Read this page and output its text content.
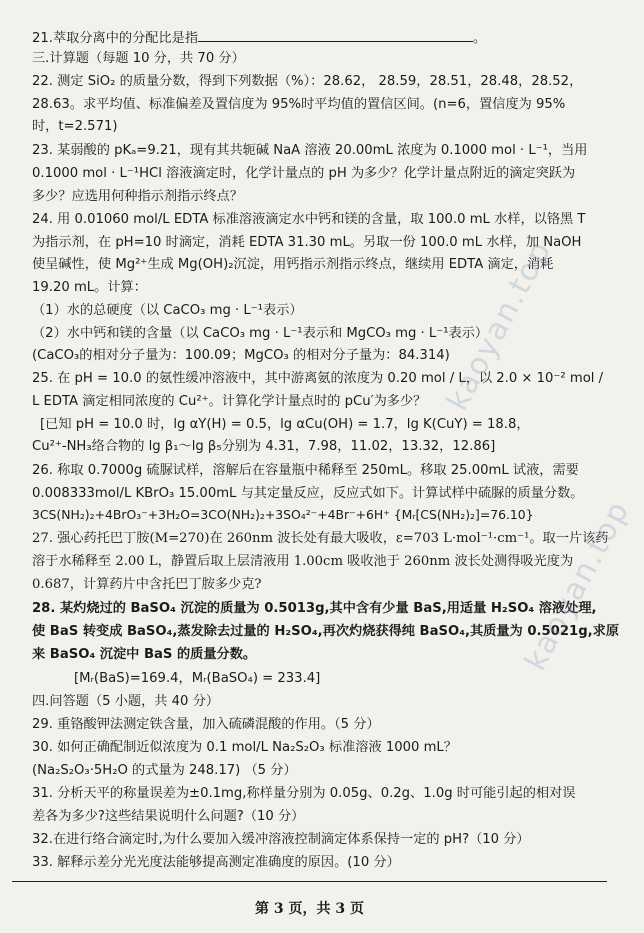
21.萃取分离中的分配比是指	。
三.计算题（每题 10 分，共 70 分）
22. 测定 SiO₂ 的质量分数，得到下列数据（%）：28.62， 28.59，28.51，28.48，28.52，
28.63。求平均值、标准偏差及置信度为 95%时平均值的置信区间。(n=6，置信度为 95%
时，t=2.571)
23. 某弱酸的 pKₐ=9.21，现有其共轭碱 NaA 溶液 20.00mL 浓度为 0.1000 mol · L⁻¹，当用
0.1000 mol · L⁻¹HCl 溶液滴定时，化学计量点的 pH 为多少？化学计量点附近的滴定突跃为
多少？应选用何种指示剂指示终点？
24. 用 0.01060 mol/L EDTA 标准溶液滴定水中钙和镁的含量，取 100.0 mL 水样，以铬黑 T
为指示剂，在 pH=10 时滴定，消耗 EDTA 31.30 mL。另取一份 100.0 mL 水样，加 NaOH
使呈碱性，使 Mg²⁺生成 Mg(OH)₂沉淀，用钙指示剂指示终点，继续用 EDTA 滴定，消耗
19.20 mL。计算：
（1）水的总硬度（以 CaCO₃ mg · L⁻¹表示）
（2）水中钙和镁的含量（以 CaCO₃ mg · L⁻¹表示和 MgCO₃ mg · L⁻¹表示）
(CaCO₃的相对分子量为：100.09；MgCO₃ 的相对分子量为：84.314)
25. 在 pH = 10.0 的氨性缓冲溶液中，其中游离氨的浓度为 0.20 mol / L，以 2.0 × 10⁻² mol /
L EDTA 滴定相同浓度的 Cu²⁺。计算化学计量点时的 pCu′为多少？
[已知 pH = 10.0 时，lg αY(H) = 0.5，lg αCu(OH) = 1.7，lg K(CuY) = 18.8，
Cu²⁺-NH₃络合物的 lg β₁～lg β₅分别为 4.31，7.98，11.02，13.32，12.86]
26. 称取 0.7000g 硫脲试样，溶解后在容量瓶中稀释至 250mL。移取 25.00mL 试液，需要
0.008333mol/L KBrO₃ 15.00mL 与其定量反应，反应式如下。计算试样中硫脲的质量分数。
3CS(NH₂)₂+4BrO₃⁻+3H₂O=3CO(NH₂)₂+3SO₄²⁻+4Br⁻+6H⁺ {Mᵣ[CS(NH₂)₂]=76.10}
27. 强心药托巴丁胺(M=270)在 260nm 波长处有最大吸收，ε=703 L·mol⁻¹·cm⁻¹。取一片该药
溶于水稀释至 2.00 L，静置后取上层清液用 1.00cm 吸收池于 260nm 波长处测得吸光度为
0.687，计算药片中含托巴丁胺多少克?
28. 某灼烧过的 BaSO₄ 沉淀的质量为 0.5013g,其中含有少量 BaS,用适量 H₂SO₄ 溶液处理,
使 BaS 转变成 BaSO₄,蒸发除去过量的 H₂SO₄,再次灼烧获得纯 BaSO₄,其质量为 0.5021g,求原
来 BaSO₄ 沉淀中 BaS 的质量分数。
[Mᵣ(BaS)=169.4，Mᵣ(BaSO₄) = 233.4]
四.问答题（5 小题，共 40 分）
29. 重铬酸钾法测定铁含量，加入硫磷混酸的作用。（5 分）
30. 如何正确配制近似浓度为 0.1 mol/L Na₂S₂O₃ 标准溶液 1000 mL？
(Na₂S₂O₃·5H₂O 的式量为 248.17) （5 分）
31. 分析天平的称量误差为±0.1mg,称样量分别为 0.05g、0.2g、1.0g 时可能引起的相对误
差各为多少?这些结果说明什么问题?（10 分）
32.在进行络合滴定时,为什么要加入缓冲溶液控制滴定体系保持一定的 pH?（10 分）
33. 解释示差分光光度法能够提高测定准确度的原因。(10 分）
第 3 页，共 3 页
kaoyan.top
kaoyan.top
